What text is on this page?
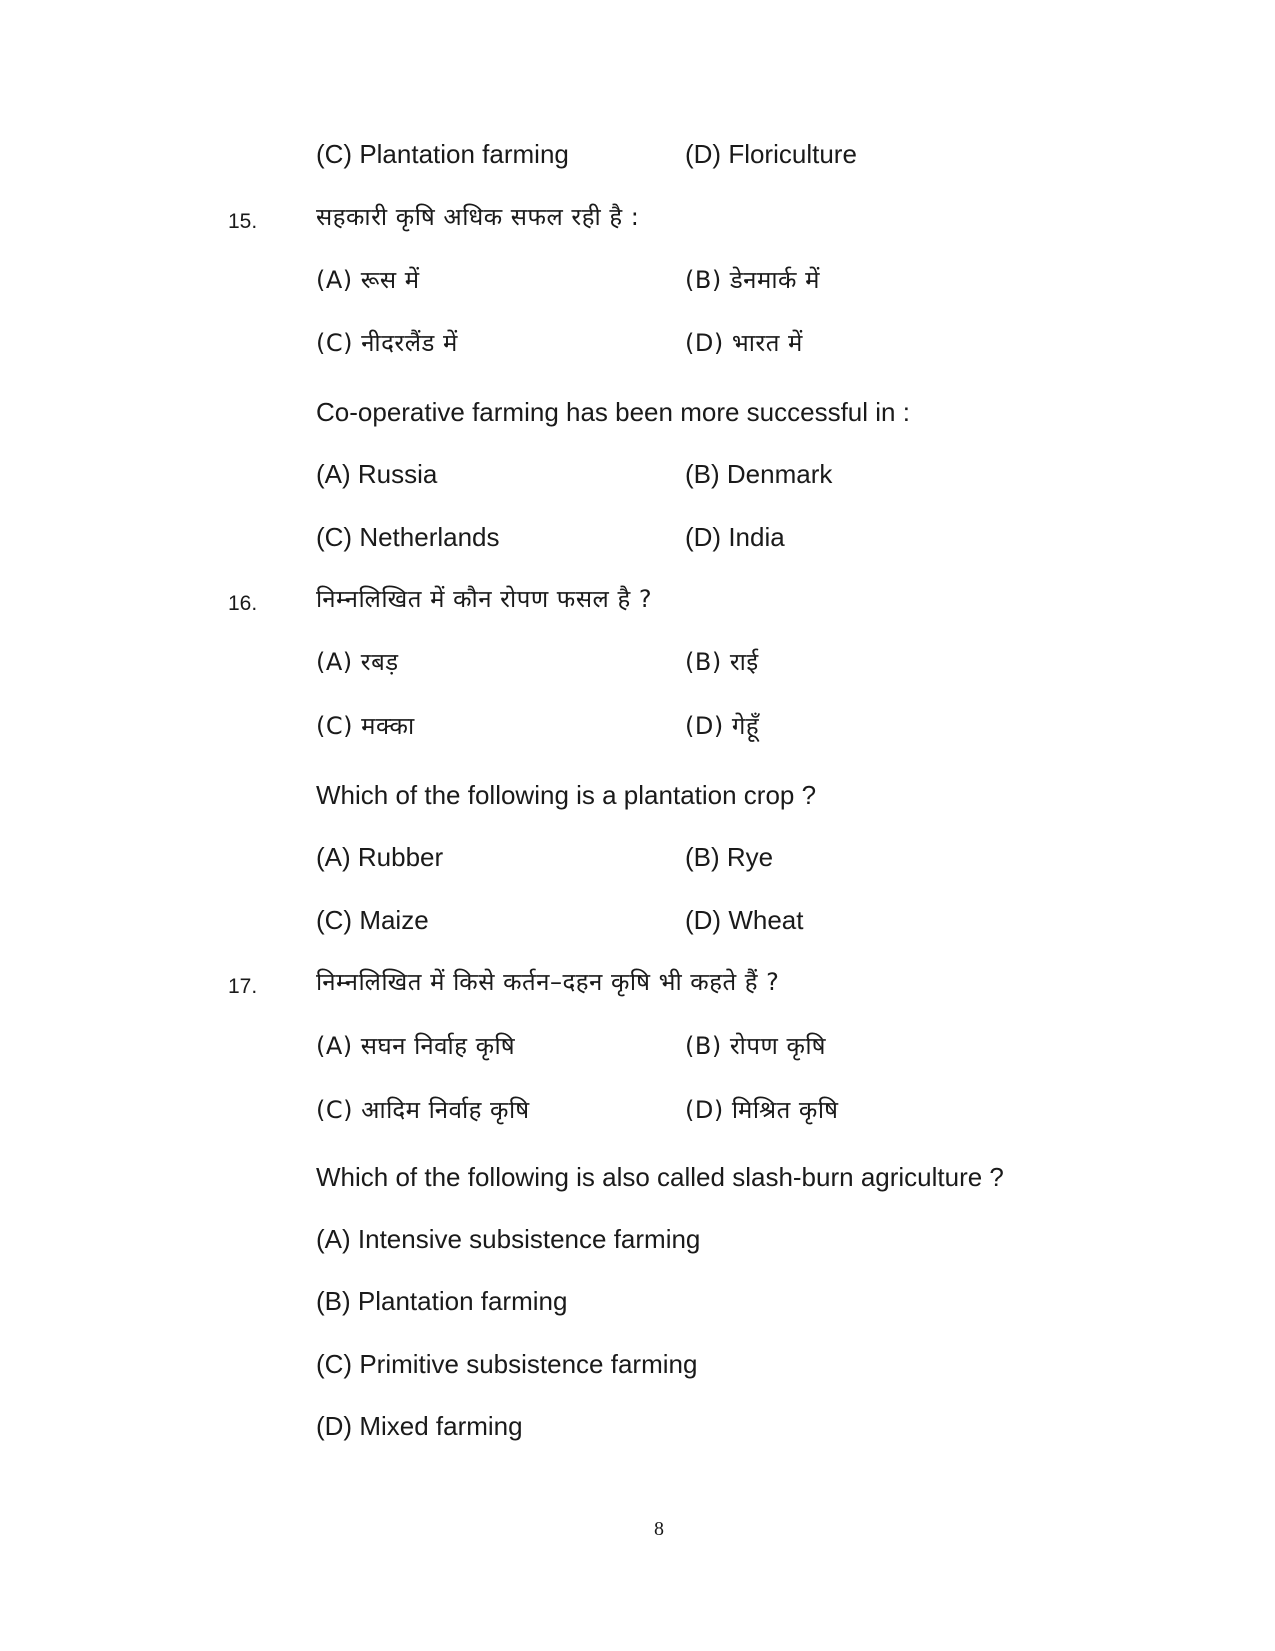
(C) Plantation farming	(D) Floriculture
15. सहकारी कृषि अधिक सफल रही है :
(A) रूस में	(B) डेनमार्क में
(C) नीदरलैंड में	(D) भारत में
Co-operative farming has been more successful in :
(A) Russia	(B) Denmark
(C) Netherlands	(D) India
16. निम्नलिखित में कौन रोपण फसल है ?
(A) रबड़	(B) राई
(C) मक्का	(D) गेहूँ
Which of the following is a plantation crop ?
(A) Rubber	(B) Rye
(C) Maize	(D) Wheat
17. निम्नलिखित में किसे कर्तन–दहन कृषि भी कहते हैं ?
(A) सघन निर्वाह कृषि	(B) रोपण कृषि
(C) आदिम निर्वाह कृषि	(D) मिश्रित कृषि
Which of the following is also called slash-burn agriculture ?
(A) Intensive subsistence farming
(B) Plantation farming
(C) Primitive subsistence farming
(D) Mixed farming
8
